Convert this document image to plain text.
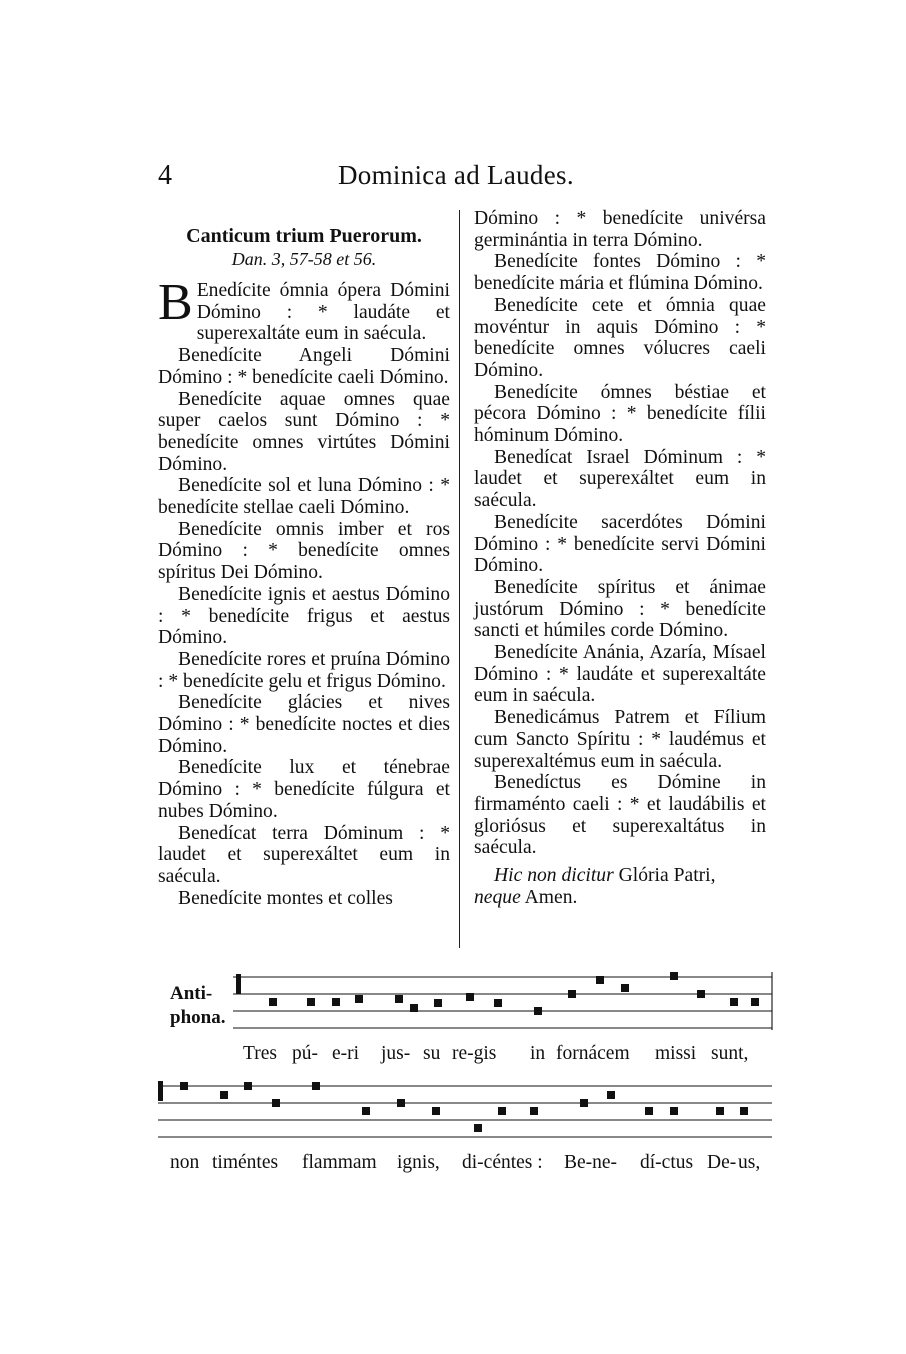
4	Dominica ad Laudes.
Canticum trium Puerorum.
Dan. 3, 57-58 et 56.

B Enedícite ómnia ópera Dómini Dómino : * laudáte et superexaltáte eum in saécula.

Benedícite Angeli Dómini Dómino : * benedícite caeli Dómino.

Benedícite aquae omnes quae super caelos sunt Dómino : * benedícite omnes virtútes Dómini Dómino.

Benedícite sol et luna Dómino : * benedícite stellae caeli Dómino.

Benedícite omnis imber et ros Dómino : * benedícite omnes spíritus Dei Dómino.

Benedícite ignis et aestus Dómino : * benedícite frigus et aestus Dómino.

Benedícite rores et pruína Dómino : * benedícite gelu et frigus Dómino.

Benedícite glácies et nives Dómino : * benedícite noctes et dies Dómino.

Benedícite lux et ténebrae Dómino : * benedícite fúlgura et nubes Dómino.

Benedícat terra Dóminum : * laudet et superexáltet eum in saécula.

Benedícite montes et colles

Dómino : * benedícite univérsa germinántia in terra Dómino.

Benedícite fontes Dómino : * benedícite mária et flúmina Dómino.

Benedícite cete et ómnia quae movéntur in aquis Dómino : * benedícite omnes vólucres caeli Dómino.

Benedícite ómnes béstiae et pécora Dómino : * benedícite fílii hóminum Dómino.

Benedícat Israel Dóminum : * laudet et superexáltet eum in saécula.

Benedícite sacerdótes Dómini Dómino : * benedícite servi Dómini Dómino.

Benedícite spíritus et ánimae justórum Dómino : * benedícite sancti et húmiles corde Dómino.

Benedícite Anánia, Azaría, Mísael Dómino : * laudáte et superexaltáte eum in saécula.

Benedicámus Patrem et Fílium cum Sancto Spíritu : * laudémus et superexaltémus eum in saécula.

Benedíctus es Dómine in firmaménto caeli : * et laudábilis et gloriósus et superexaltátus in saécula.

Hic non dicitur Glória Patri, neque Amen.

Anti-
phona.
Tres pú- e-ri jus- su re-gis in fornácem missi sunt,
non timéntes flammam ignis, di-céntes : Be-ne- dí-ctus De- us,
